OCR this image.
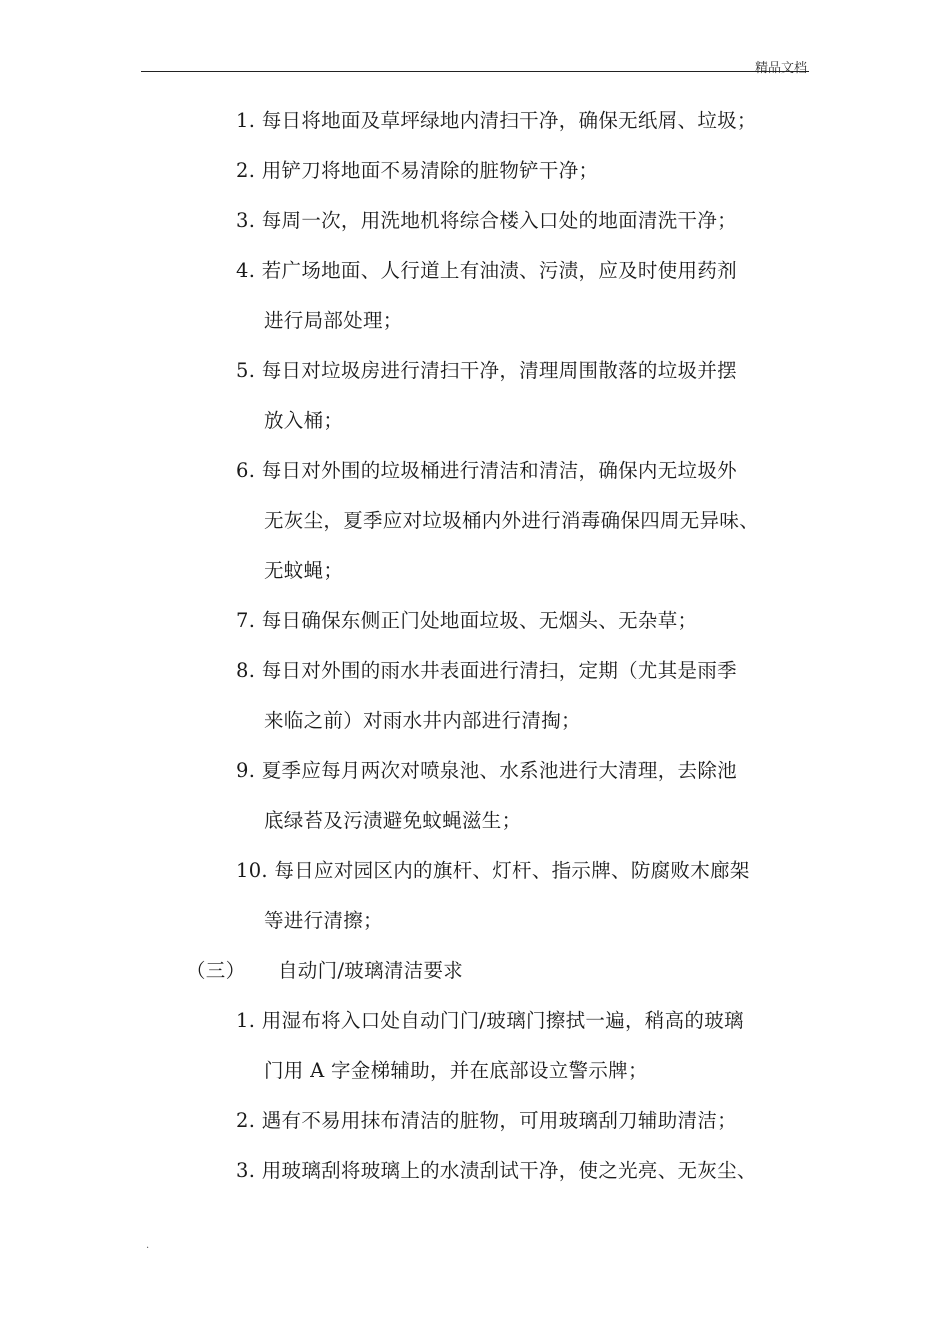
精品文档
1. 每日将地面及草坪绿地内清扫干净，确保无纸屑、垃圾；
2. 用铲刀将地面不易清除的脏物铲干净；
3. 每周一次，用洗地机将综合楼入口处的地面清洗干净；
4. 若广场地面、人行道上有油渍、污渍，应及时使用药剂
进行局部处理；
5. 每日对垃圾房进行清扫干净，清理周围散落的垃圾并摆
放入桶；
6. 每日对外围的垃圾桶进行清洁和清洁，确保内无垃圾外
无灰尘，夏季应对垃圾桶内外进行消毒确保四周无异味、
无蚊蝇；
7. 每日确保东侧正门处地面垃圾、无烟头、无杂草；
8. 每日对外围的雨水井表面进行清扫，定期（尤其是雨季
来临之前）对雨水井内部进行清掏；
9. 夏季应每月两次对喷泉池、水系池进行大清理，去除池
底绿苔及污渍避免蚊蝇滋生；
10. 每日应对园区内的旗杆、灯杆、指示牌、防腐败木廊架
等进行清擦；
（三） 自动门/玻璃清洁要求
1. 用湿布将入口处自动门门/玻璃门擦拭一遍，稍高的玻璃
门用 A 字金梯辅助，并在底部设立警示牌；
2. 遇有不易用抹布清洁的脏物，可用玻璃刮刀辅助清洁；
3. 用玻璃刮将玻璃上的水渍刮试干净，使之光亮、无灰尘、
.
